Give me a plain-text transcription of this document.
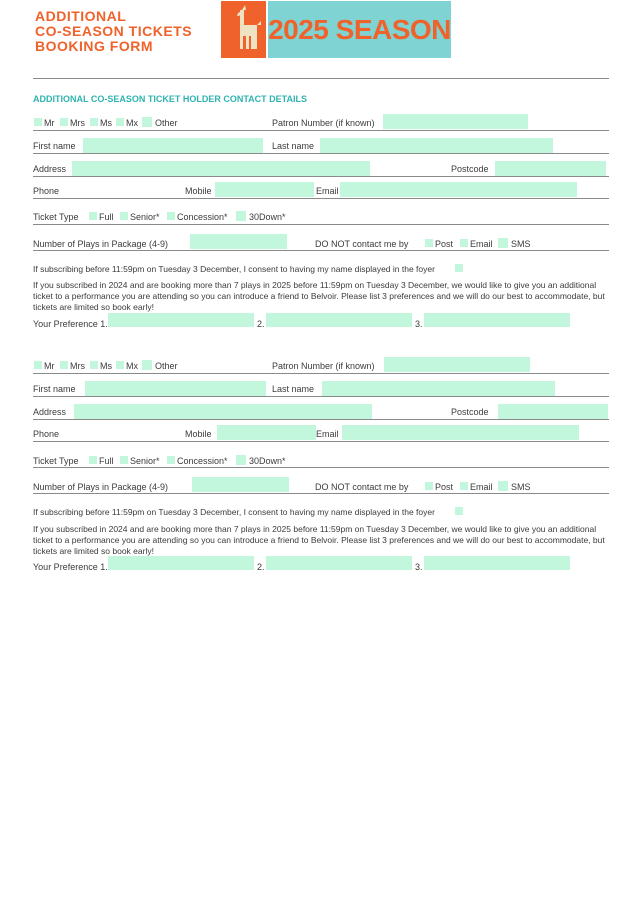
ADDITIONAL
CO-SEASON TICKETS
BOOKING FORM
2025 SEASON
ADDITIONAL CO-SEASON TICKET HOLDER CONTACT DETAILS
Mr Mrs Ms Mx Other	Patron Number (if known)
First name	Last name
Address	Postcode
Phone	Mobile	Email
Ticket Type Full Senior* Concession* 30Down*
Number of Plays in Package (4-9)	DO NOT contact me by	Post Email SMS
If subscribing before 11:59pm on Tuesday 3 December, I consent to having my name displayed in the foyer

If you subscribed in 2024 and are booking more than 7 plays in 2025 before 11:59pm on Tuesday 3 December, we would like to give you an additional ticket to a performance you are attending so you can introduce a friend to Belvoir. Please list 3 preferences and we will do our best to accommodate, but tickets are limited so book early!

Your Preference 1.	2.	3.
Mr Mrs Ms Mx Other	Patron Number (if known)
First name	Last name
Address	Postcode
Phone	Mobile	Email
Ticket Type Full Senior* Concession* 30Down*
Number of Plays in Package (4-9)	DO NOT contact me by	Post Email SMS
If subscribing before 11:59pm on Tuesday 3 December, I consent to having my name displayed in the foyer

If you subscribed in 2024 and are booking more than 7 plays in 2025 before 11:59pm on Tuesday 3 December, we would like to give you an additional ticket to a performance you are attending so you can introduce a friend to Belvoir. Please list 3 preferences and we will do our best to accommodate, but tickets are limited so book early!

Your Preference 1.	2.	3.
